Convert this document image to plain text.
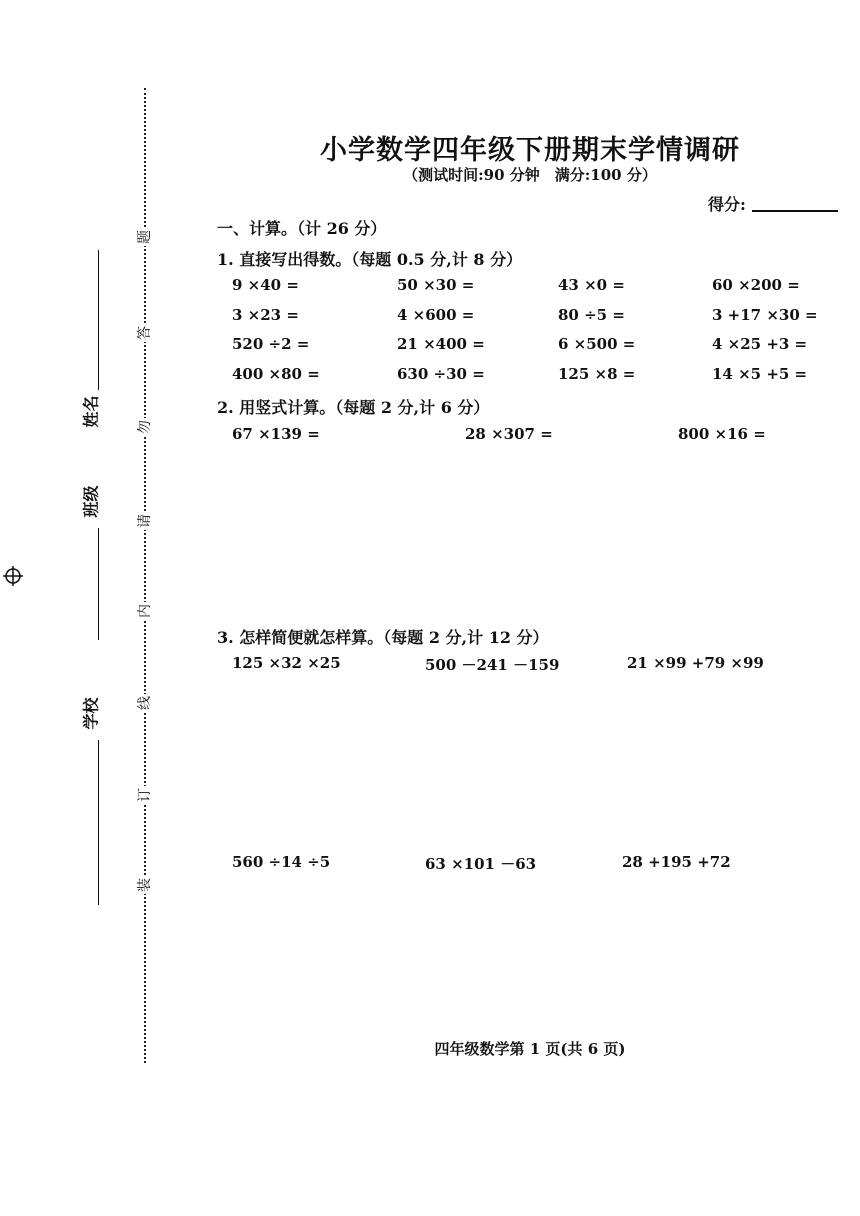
题
答
勿
请
内
线
订
装
姓名
班级
学校
小学数学四年级下册期末学情调研
（测试时间:90 分钟　满分:100 分）
得分:
一、计算。（计 26 分）
1. 直接写出得数。（每题 0.5 分,计 8 分）
9 ×40 =	50 ×30 =	43 ×0 =	60 ×200 =
3 ×23 =	4 ×600 =	80 ÷5 =	3 +17 ×30 =
520 ÷2 =	21 ×400 =	6 ×500 =	4 ×25 +3 =
400 ×80 =	630 ÷30 =	125 ×8 =	14 ×5 +5 =
2. 用竖式计算。（每题 2 分,计 6 分）
67 ×139 =	28 ×307 =	800 ×16 =
3. 怎样简便就怎样算。（每题 2 分,计 12 分）
125 ×32 ×25	500 －241 －159	21 ×99 +79 ×99
560 ÷14 ÷5	63 ×101 －63	28 +195 +72
四年级数学第 1 页(共 6 页)
